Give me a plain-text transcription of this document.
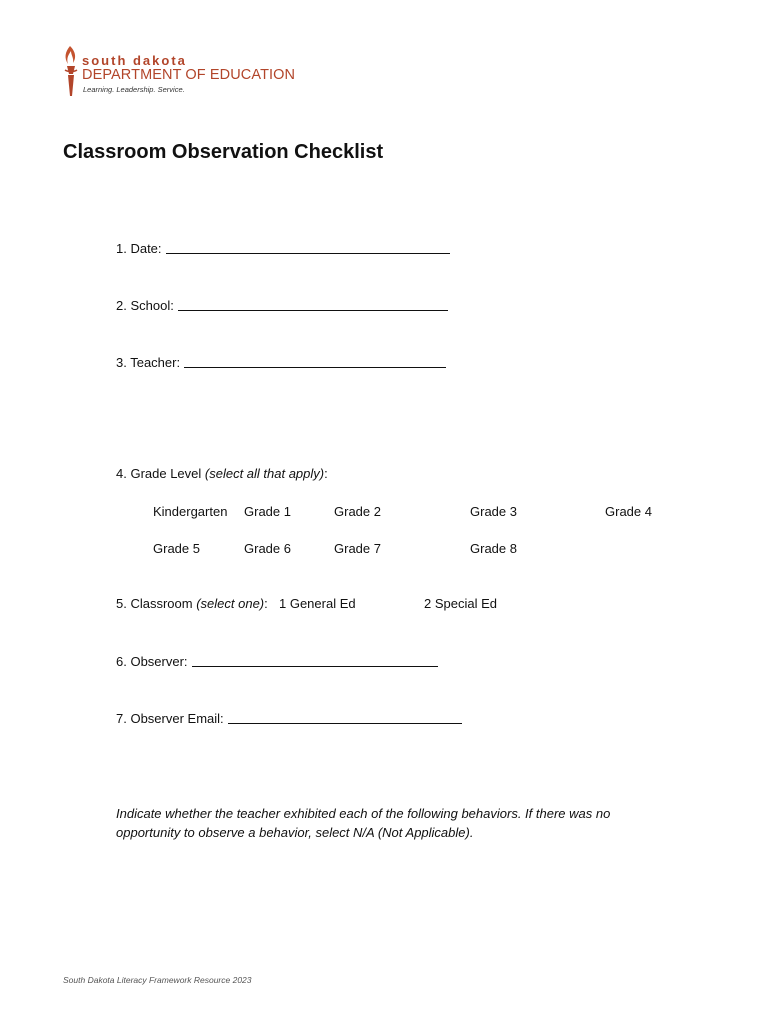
south dakota
DEPARTMENT OF EDUCATION
Learning. Leadership. Service.
Classroom Observation Checklist
1. Date:
2. School:
3. Teacher:
4. Grade Level (select all that apply):
Kindergarten Grade 1	Grade 2	Grade 3	Grade 4
Grade 5	Grade 6	Grade 7	Grade 8
5. Classroom (select one): 1 General Ed	2 Special Ed
6. Observer:
7. Observer Email:
Indicate whether the teacher exhibited each of the following behaviors. If there was no opportunity to observe a behavior, select N/A (Not Applicable).
South Dakota Literacy Framework Resource 2023
